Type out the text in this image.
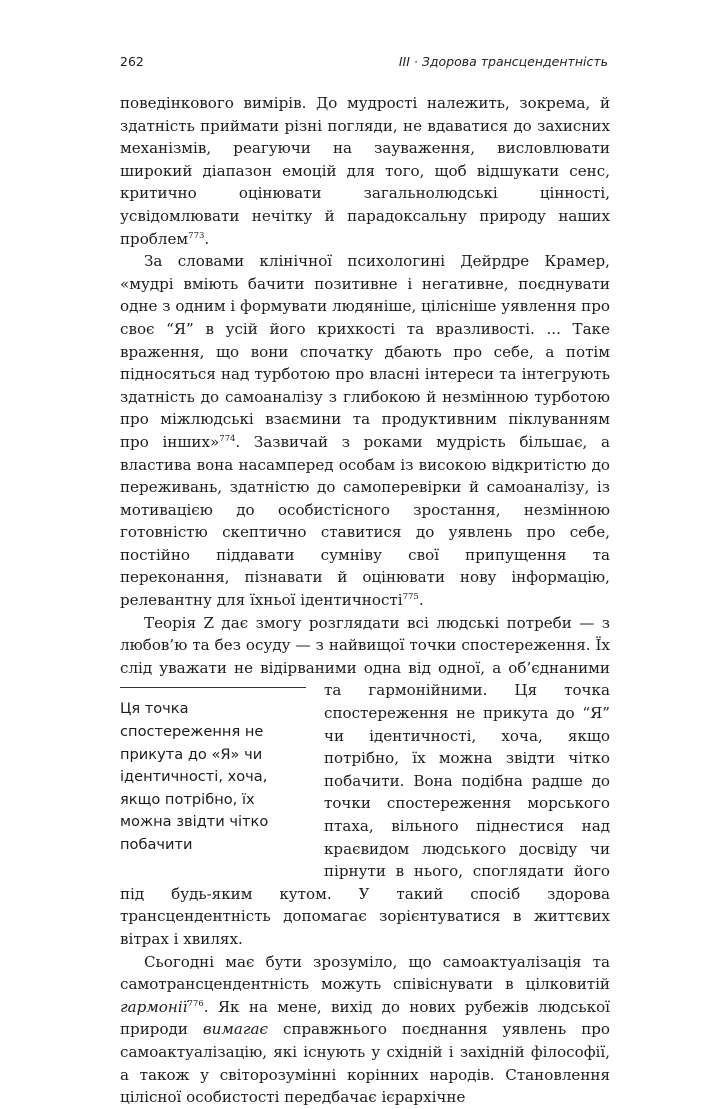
262	III · Здорова трансцендентність

поведінкового вимірів. До мудрості належить, зокрема, й здатність приймати різні погляди, не вдаватися до захисних механізмів, реагуючи на зауваження, висловлювати широкий діапазон емоцій для того, щоб відшукати сенс, критично оцінювати загальнолюдські цінності, усвідомлювати нечітку й парадоксальну природу наших проблем$^{773}$.

За словами клінічної психологині Дейрдре Крамер, «мудрі вміють бачити позитивне і негативне, поєднувати одне з одним і формувати людяніше, цілісніше уявлення про своє “Я” в усій його крихкості та вразливості. ... Таке враження, що вони спочатку дбають про себе, а потім підносяться над турботою про власні інтереси та інтегрують здатність до самоаналізу з глибокою й незмінною турботою про міжлюдські взаємини та продуктивним піклуванням про інших»$^{774}$. Зазвичай з роками мудрість більшає, а властива вона насамперед особам із високою відкритістю до переживань, здатністю до самоперевірки й самоаналізу, із мотивацією до особистісного зростання, незмінною готовністю скептично ставитися до уявлень про себе, постійно піддавати сумніву свої припущення та переконання, пізнавати й оцінювати нову інформацію, релевантну для їхньої ідентичності$^{775}$.

Теорія Z дає змогу розглядати всі людські потреби — з любов’ю та без осуду — з найвищої точки спостереження. Їх слід уважати не відірваними одна від одної, а об’єднаними та гармонійними. Ця
Ця точка спостереження не прикута до «Я» чи ідентичності, хоча, якщо потрібно, їх можна звідти чітко побачити
точка спостереження не прикута до “Я” чи ідентичності, хоча, якщо потрібно, їх можна звідти чітко побачити. Вона подібна радше до точки спостереження морського птаха, вільного піднестися над краєвидом людського досвіду чи пірнути в нього, споглядати його під будь-яким кутом. У такий спосіб здорова трансцендентність допомагає зорієнтуватися в життєвих вітрах і хвилях.

Сьогодні має бути зрозуміло, що самоактуалізація та самотрансцендентність можуть співіснувати в цілковитій гармонії$^{776}$. Як на мене, вихід до нових рубежів людської природи вимагає справжнього поєднання уявлень про самоактуалізацію, які існують у східній і західній філософії, а також у світорозумінні корінних народів. Становлення цілісної особистості передбачає ієрархічне
